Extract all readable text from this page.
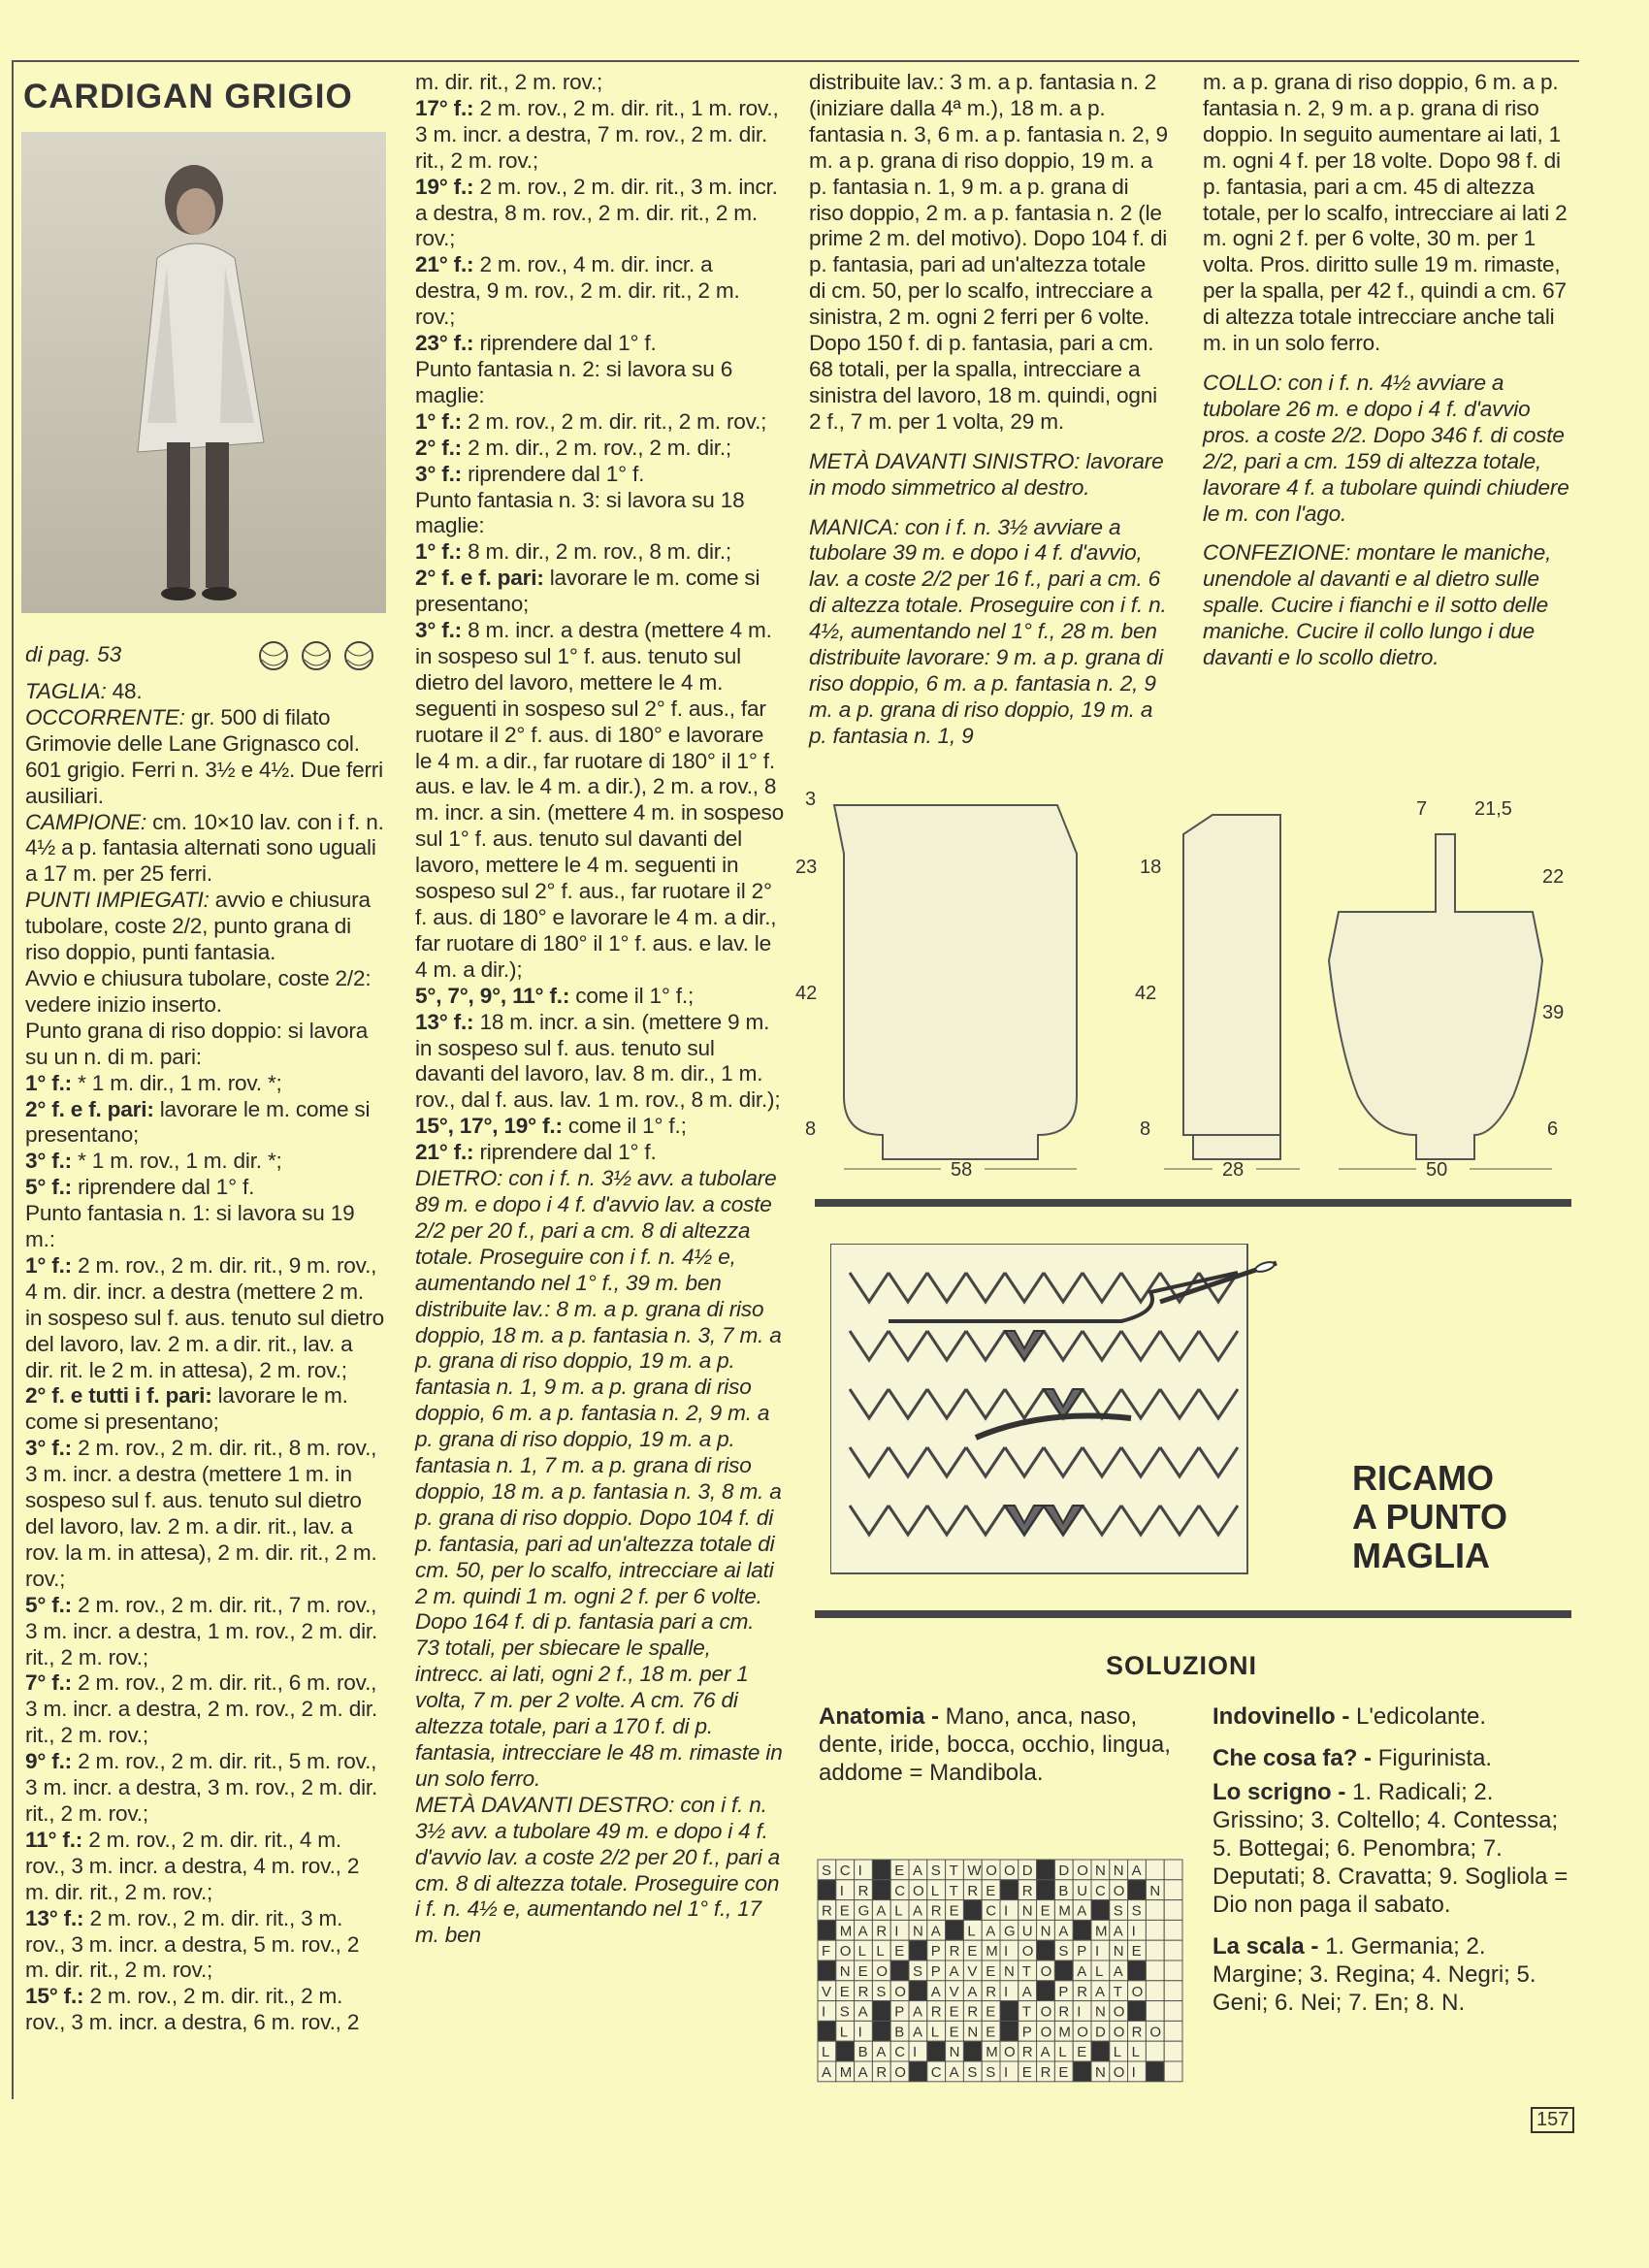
CARDIGAN GRIGIO
di pag. 53

TAGLIA: 48.

OCCORRENTE: gr. 500 di filato Grimovie delle Lane Grignasco col. 601 grigio. Ferri n. 3½ e 4½. Due ferri ausiliari.

CAMPIONE: cm. 10×10 lav. con i f. n. 4½ a p. fantasia alternati sono uguali a 17 m. per 25 ferri.

PUNTI IMPIEGATI: avvio e chiusura tubolare, coste 2/2, punto grana di riso doppio, punti fantasia.

Avvio e chiusura tubolare, coste 2/2: vedere inizio inserto.

Punto grana di riso doppio: si lavora su un n. di m. pari:

1° f.: * 1 m. dir., 1 m. rov. *;

2° f. e f. pari: lavorare le m. come si presentano;

3° f.: * 1 m. rov., 1 m. dir. *;

5° f.: riprendere dal 1° f.

Punto fantasia n. 1: si lavora su 19 m.:

1° f.: 2 m. rov., 2 m. dir. rit., 9 m. rov., 4 m. dir. incr. a destra (mettere 2 m. in sospeso sul f. aus. tenuto sul dietro del lavoro, lav. 2 m. a dir. rit., lav. a dir. rit. le 2 m. in attesa), 2 m. rov.;

2° f. e tutti i f. pari: lavorare le m. come si presentano;

3° f.: 2 m. rov., 2 m. dir. rit., 8 m. rov., 3 m. incr. a destra (mettere 1 m. in sospeso sul f. aus. tenuto sul dietro del lavoro, lav. 2 m. a dir. rit., lav. a rov. la m. in attesa), 2 m. dir. rit., 2 m. rov.;

5° f.: 2 m. rov., 2 m. dir. rit., 7 m. rov., 3 m. incr. a destra, 1 m. rov., 2 m. dir. rit., 2 m. rov.;

7° f.: 2 m. rov., 2 m. dir. rit., 6 m. rov., 3 m. incr. a destra, 2 m. rov., 2 m. dir. rit., 2 m. rov.;

9° f.: 2 m. rov., 2 m. dir. rit., 5 m. rov., 3 m. incr. a destra, 3 m. rov., 2 m. dir. rit., 2 m. rov.;

11° f.: 2 m. rov., 2 m. dir. rit., 4 m. rov., 3 m. incr. a destra, 4 m. rov., 2 m. dir. rit., 2 m. rov.;

13° f.: 2 m. rov., 2 m. dir. rit., 3 m. rov., 3 m. incr. a destra, 5 m. rov., 2 m. dir. rit., 2 m. rov.;

15° f.: 2 m. rov., 2 m. dir. rit., 2 m. rov., 3 m. incr. a destra, 6 m. rov., 2

m. dir. rit., 2 m. rov.;

17° f.: 2 m. rov., 2 m. dir. rit., 1 m. rov., 3 m. incr. a destra, 7 m. rov., 2 m. dir. rit., 2 m. rov.;

19° f.: 2 m. rov., 2 m. dir. rit., 3 m. incr. a destra, 8 m. rov., 2 m. dir. rit., 2 m. rov.;

21° f.: 2 m. rov., 4 m. dir. incr. a destra, 9 m. rov., 2 m. dir. rit., 2 m. rov.;

23° f.: riprendere dal 1° f.

Punto fantasia n. 2: si lavora su 6 maglie:

1° f.: 2 m. rov., 2 m. dir. rit., 2 m. rov.;

2° f.: 2 m. dir., 2 m. rov., 2 m. dir.;

3° f.: riprendere dal 1° f.

Punto fantasia n. 3: si lavora su 18 maglie:

1° f.: 8 m. dir., 2 m. rov., 8 m. dir.;

2° f. e f. pari: lavorare le m. come si presentano;

3° f.: 8 m. incr. a destra (mettere 4 m. in sospeso sul 1° f. aus. tenuto sul dietro del lavoro, mettere le 4 m. seguenti in sospeso sul 2° f. aus., far ruotare il 2° f. aus. di 180° e lavorare le 4 m. a dir., far ruotare di 180° il 1° f. aus. e lav. le 4 m. a dir.), 2 m. a rov., 8 m. incr. a sin. (mettere 4 m. in sospeso sul 1° f. aus. tenuto sul davanti del lavoro, mettere le 4 m. seguenti in sospeso sul 2° f. aus., far ruotare il 2° f. aus. di 180° e lavorare le 4 m. a dir., far ruotare di 180° il 1° f. aus. e lav. le 4 m. a dir.);

5°, 7°, 9°, 11° f.: come il 1° f.;

13° f.: 18 m. incr. a sin. (mettere 9 m. in sospeso sul f. aus. tenuto sul davanti del lavoro, lav. 8 m. dir., 1 m. rov., dal f. aus. lav. 1 m. rov., 8 m. dir.);

15°, 17°, 19° f.: come il 1° f.;

21° f.: riprendere dal 1° f.

DIETRO: con i f. n. 3½ avv. a tubolare 89 m. e dopo i 4 f. d'avvio lav. a coste 2/2 per 20 f., pari a cm. 8 di altezza totale. Proseguire con i f. n. 4½ e, aumentando nel 1° f., 39 m. ben distribuite lav.: 8 m. a p. grana di riso doppio, 18 m. a p. fantasia n. 3, 7 m. a p. grana di riso doppio, 19 m. a p. fantasia n. 1, 9 m. a p. grana di riso doppio, 6 m. a p. fantasia n. 2, 9 m. a p. grana di riso doppio, 19 m. a p. fantasia n. 1, 7 m. a p. grana di riso doppio, 18 m. a p. fantasia n. 3, 8 m. a p. grana di riso doppio. Dopo 104 f. di p. fantasia, pari ad un'altezza totale di cm. 50, per lo scalfo, intrecciare ai lati 2 m. quindi 1 m. ogni 2 f. per 6 volte. Dopo 164 f. di p. fantasia pari a cm. 73 totali, per sbiecare le spalle, intrecc. ai lati, ogni 2 f., 18 m. per 1 volta, 7 m. per 2 volte. A cm. 76 di altezza totale, pari a 170 f. di p. fantasia, intrecciare le 48 m. rimaste in un solo ferro.

METÀ DAVANTI DESTRO: con i f. n. 3½ avv. a tubolare 49 m. e dopo i 4 f. d'avvio lav. a coste 2/2 per 20 f., pari a cm. 8 di altezza totale. Proseguire con i f. n. 4½ e, aumentando nel 1° f., 17 m. ben

distribuite lav.: 3 m. a p. fantasia n. 2 (iniziare dalla 4ª m.), 18 m. a p. fantasia n. 3, 6 m. a p. fantasia n. 2, 9 m. a p. grana di riso doppio, 19 m. a p. fantasia n. 1, 9 m. a p. grana di riso doppio, 2 m. a p. fantasia n. 2 (le prime 2 m. del motivo). Dopo 104 f. di p. fantasia, pari ad un'altezza totale di cm. 50, per lo scalfo, intrecciare a sinistra, 2 m. ogni 2 ferri per 6 volte. Dopo 150 f. di p. fantasia, pari a cm. 68 totali, per la spalla, intrecciare a sinistra del lavoro, 18 m. quindi, ogni 2 f., 7 m. per 1 volta, 29 m.

METÀ DAVANTI SINISTRO: lavorare in modo simmetrico al destro.

MANICA: con i f. n. 3½ avviare a tubolare 39 m. e dopo i 4 f. d'avvio, lav. a coste 2/2 per 16 f., pari a cm. 6 di altezza totale. Proseguire con i f. n. 4½, aumentando nel 1° f., 28 m. ben distribuite lavorare: 9 m. a p. grana di riso doppio, 6 m. a p. fantasia n. 2, 9 m. a p. grana di riso doppio, 19 m. a p. fantasia n. 1, 9

m. a p. grana di riso doppio, 6 m. a p. fantasia n. 2, 9 m. a p. grana di riso doppio. In seguito aumentare ai lati, 1 m. ogni 4 f. per 18 volte. Dopo 98 f. di p. fantasia, pari a cm. 45 di altezza totale, per lo scalfo, intrecciare ai lati 2 m. ogni 2 f. per 6 volte, 30 m. per 1 volta. Pros. diritto sulle 19 m. rimaste, per la spalla, per 42 f., quindi a cm. 67 di altezza totale intrecciare anche tali m. in un solo ferro.

COLLO: con i f. n. 4½ avviare a tubolare 26 m. e dopo i 4 f. d'avvio pros. a coste 2/2. Dopo 346 f. di coste 2/2, pari a cm. 159 di altezza totale, lavorare 4 f. a tubolare quindi chiudere le m. con l'ago.

CONFEZIONE: montare le maniche, unendole al davanti e al dietro sulle spalle. Cucire i fianchi e il sotto delle maniche. Cucire il collo lungo i due davanti e lo scollo dietro.

3
23
42
8
58
18
42
8
28
7 21,5
22
39
6
50
RICAMO
A PUNTO
MAGLIA
SOLUZIONI
Anatomia - Mano, anca, naso, dente, iride, bocca, occhio, lingua, addome = Mandibola.

Indovinello - L'edicolante.

Che cosa fa? - Figurinista.

Lo scrigno - 1. Radicali; 2. Grissino; 3. Coltello; 4. Contessa; 5. Bottegai; 6. Penombra; 7. Deputati; 8. Cravatta; 9. Sogliola = Dio non paga il sabato.

La scala - 1. Germania; 2. Margine; 3. Regina; 4. Negri; 5. Geni; 6. Nei; 7. En; 8. N.

S C I E A S T W O O D D O N N A
I R C O L T R E R B U C O N
R E G A L A R E C I N E M A S S
M A R I N A L A G U N A M A I
F O L L E P R E M I O S P I N E
N E O S P A V E N T O A L A
V E R S O A V A R I A P R A T O
I S A P A R E R E T O R I N O
L I B A L E N E P O M O D O R O
L B A C I N M O R A L E L L
A M A R O C A S S I E R E N O I
157
